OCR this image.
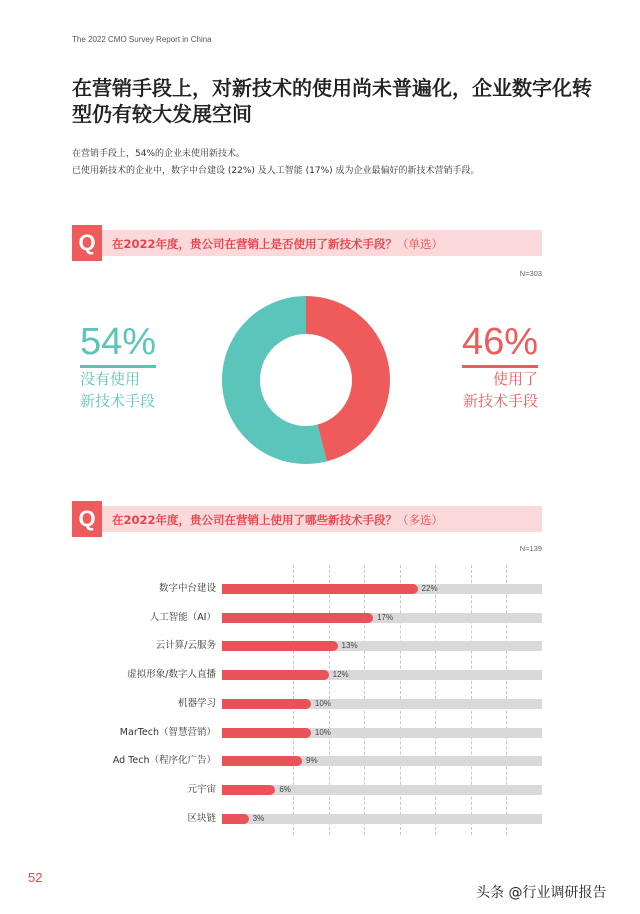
The 2022 CMO Survey Report in China
在营销手段上，对新技术的使用尚未普遍化，企业数字化转型仍有较大发展空间
在营销手段上，54%的企业未使用新技术。
已使用新技术的企业中，数字中台建设 (22%) 及人工智能 (17%) 成为企业最偏好的新技术营销手段。
Q	在2022年度，贵公司在营销上是否使用了新技术手段？（单选）
N=303
54%
没有使用
新技术手段
46%
使用了
新技术手段
Q	在2022年度，贵公司在营销上使用了哪些新技术手段？（多选）
N=139
数字中台建设	22%
人工智能（AI）	17%
云计算/云服务	13%
虚拟形象/数字人直播	12%
机器学习	10%
MarTech（智慧营销）	10%
Ad Tech（程序化广告）	9%
元宇宙	6%
区块链	3%
52
头条 @行业调研报告
